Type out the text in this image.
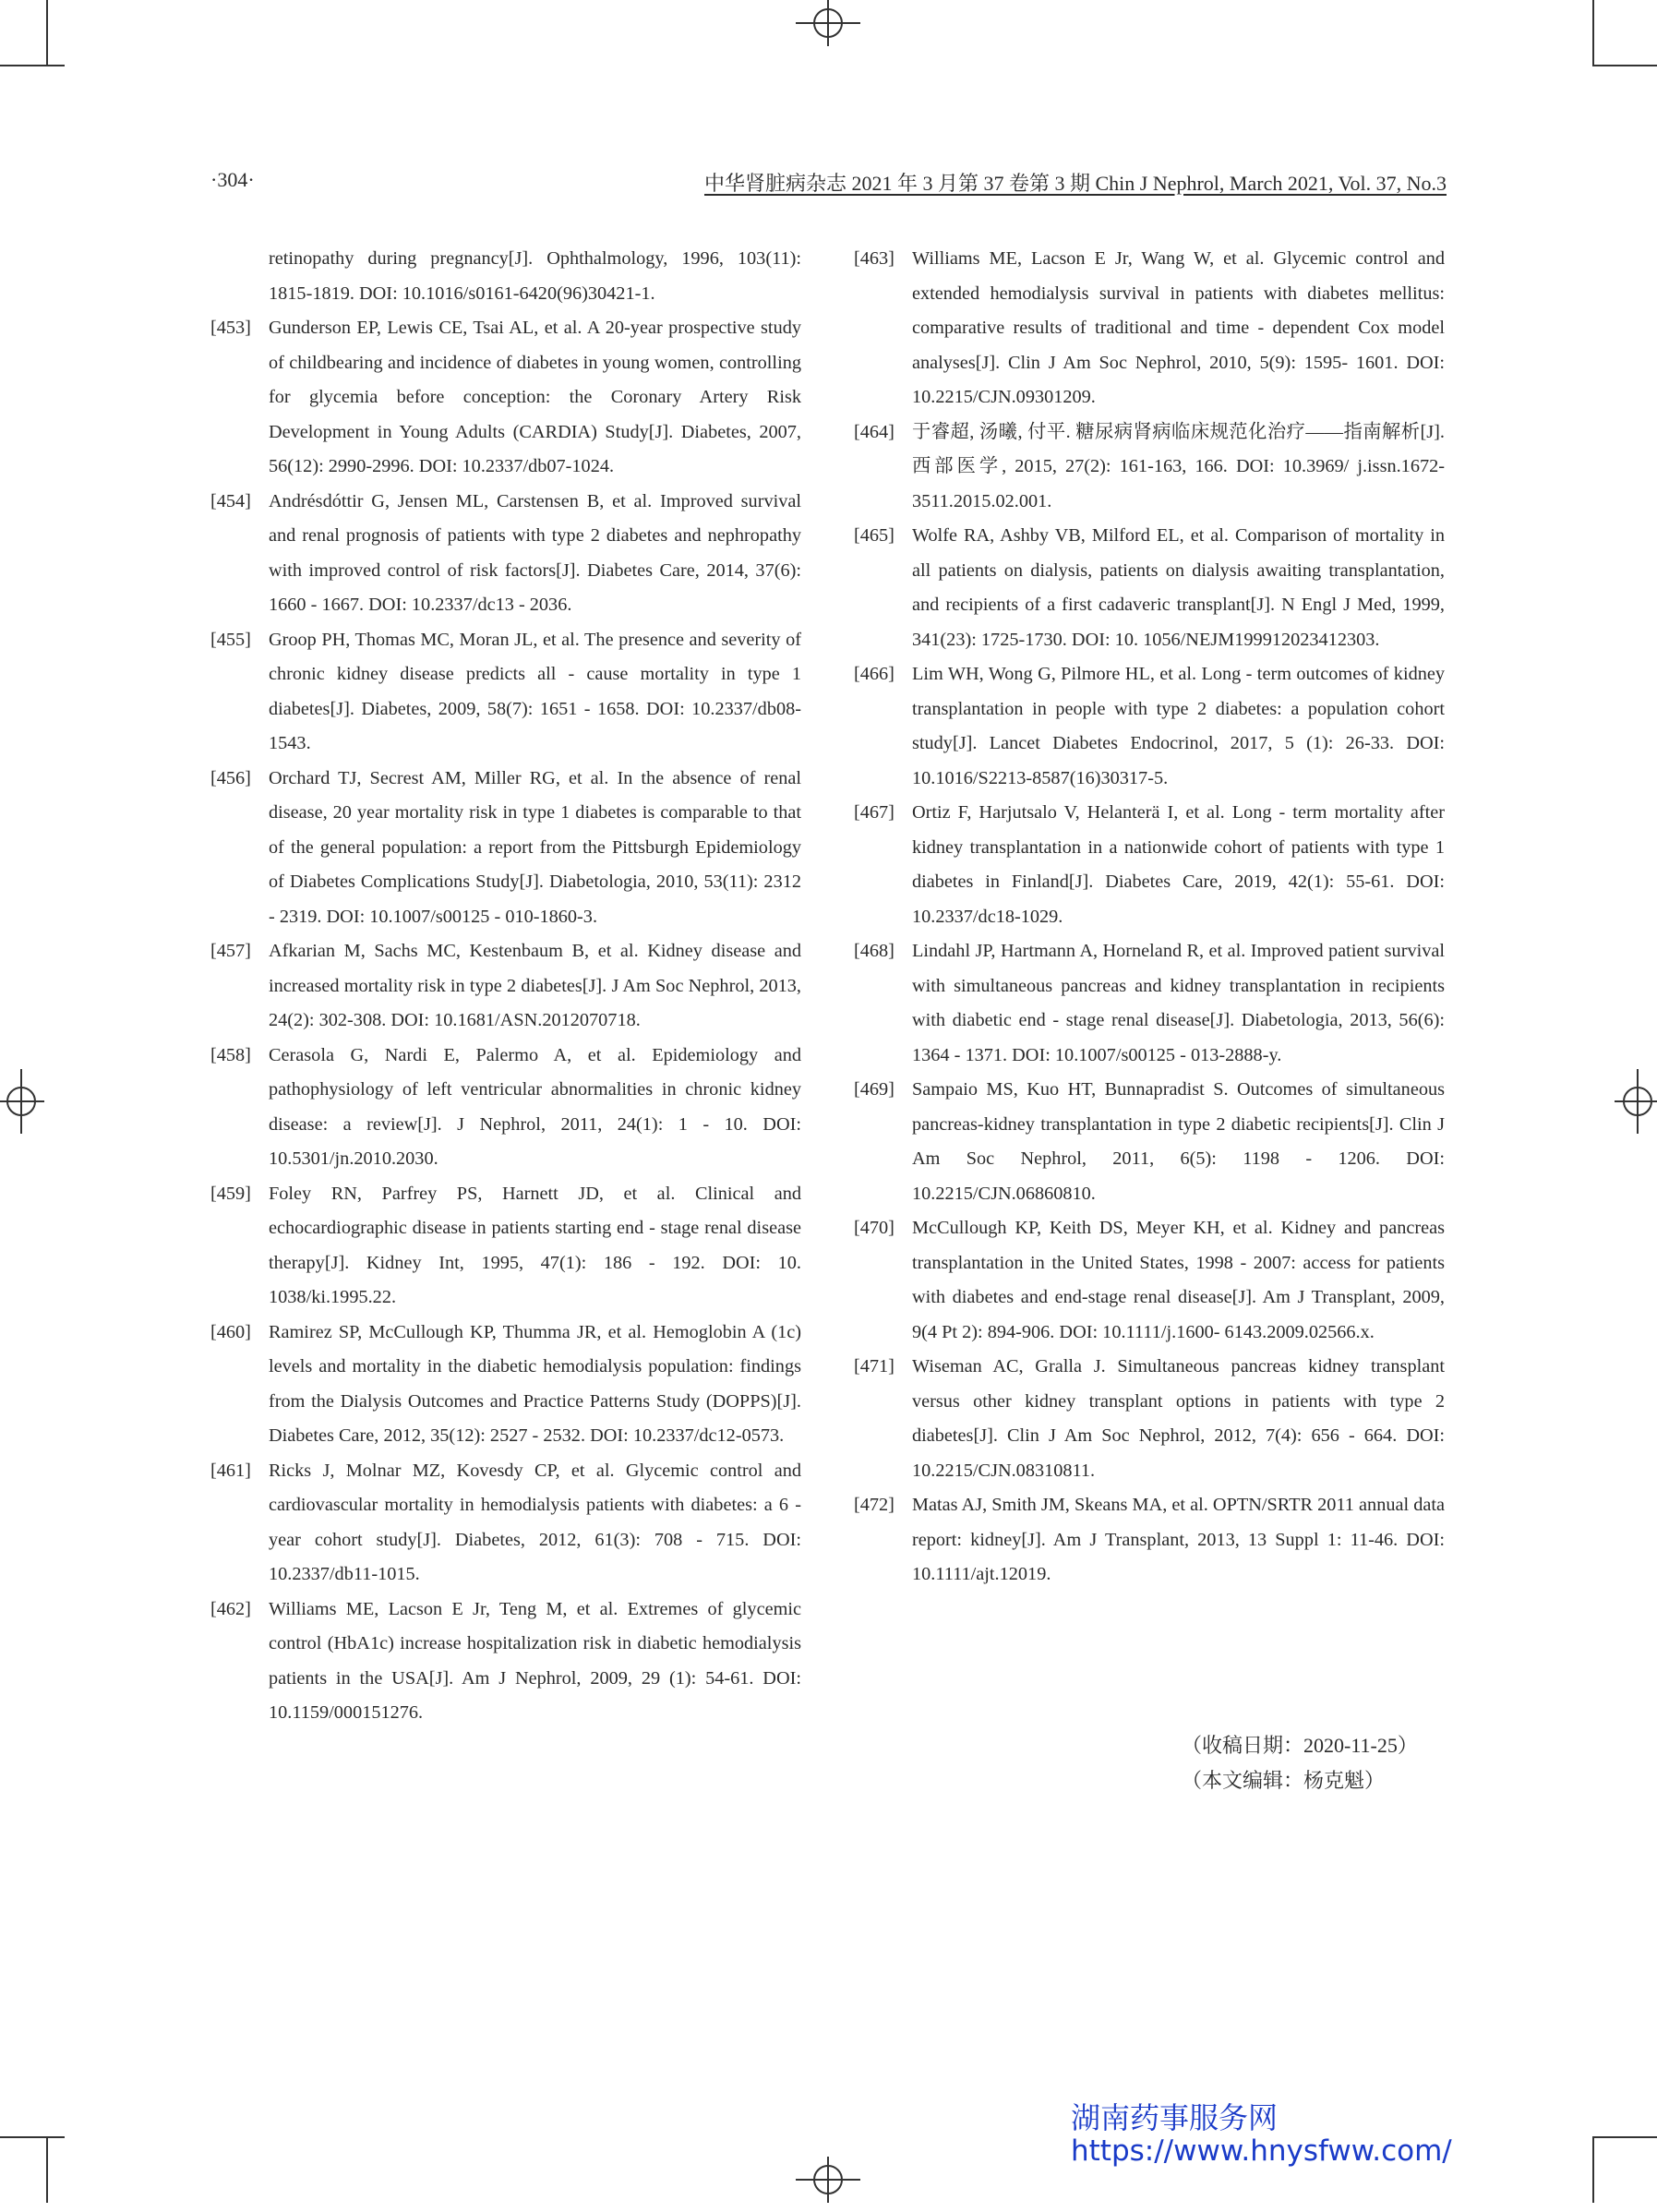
·304·	中华肾脏病杂志 2021 年 3 月第 37 卷第 3 期 Chin J Nephrol, March 2021, Vol. 37, No.3
retinopathy during pregnancy[J]. Ophthalmology, 1996, 103(11): 1815-1819. DOI: 10.1016/s0161-6420(96)30421-1.
[453] Gunderson EP, Lewis CE, Tsai AL, et al. A 20-year prospective study of childbearing and incidence of diabetes in young women, controlling for glycemia before conception: the Coronary Artery Risk Development in Young Adults (CARDIA) Study[J]. Diabetes, 2007, 56(12): 2990-2996. DOI: 10.2337/db07-1024.
[454] Andrésdóttir G, Jensen ML, Carstensen B, et al. Improved survival and renal prognosis of patients with type 2 diabetes and nephropathy with improved control of risk factors[J]. Diabetes Care, 2014, 37(6): 1660 - 1667. DOI: 10.2337/dc13 - 2036.
[455] Groop PH, Thomas MC, Moran JL, et al. The presence and severity of chronic kidney disease predicts all - cause mortality in type 1 diabetes[J]. Diabetes, 2009, 58(7): 1651 - 1658. DOI: 10.2337/db08-1543.
[456] Orchard TJ, Secrest AM, Miller RG, et al. In the absence of renal disease, 20 year mortality risk in type 1 diabetes is comparable to that of the general population: a report from the Pittsburgh Epidemiology of Diabetes Complications Study[J]. Diabetologia, 2010, 53(11): 2312 - 2319. DOI: 10.1007/s00125 - 010-1860-3.
[457] Afkarian M, Sachs MC, Kestenbaum B, et al. Kidney disease and increased mortality risk in type 2 diabetes[J]. J Am Soc Nephrol, 2013, 24(2): 302-308. DOI: 10.1681/ASN.2012070718.
[458] Cerasola G, Nardi E, Palermo A, et al. Epidemiology and pathophysiology of left ventricular abnormalities in chronic kidney disease: a review[J]. J Nephrol, 2011, 24(1): 1 - 10. DOI: 10.5301/jn.2010.2030.
[459] Foley RN, Parfrey PS, Harnett JD, et al. Clinical and echocardiographic disease in patients starting end - stage renal disease therapy[J]. Kidney Int, 1995, 47(1): 186 - 192. DOI: 10. 1038/ki.1995.22.
[460] Ramirez SP, McCullough KP, Thumma JR, et al. Hemoglobin A (1c) levels and mortality in the diabetic hemodialysis population: findings from the Dialysis Outcomes and Practice Patterns Study (DOPPS)[J]. Diabetes Care, 2012, 35(12): 2527 - 2532. DOI: 10.2337/dc12-0573.
[461] Ricks J, Molnar MZ, Kovesdy CP, et al. Glycemic control and cardiovascular mortality in hemodialysis patients with diabetes: a 6 - year cohort study[J]. Diabetes, 2012, 61(3): 708 - 715. DOI: 10.2337/db11-1015.
[462] Williams ME, Lacson E Jr, Teng M, et al. Extremes of glycemic control (HbA1c) increase hospitalization risk in diabetic hemodialysis patients in the USA[J]. Am J Nephrol, 2009, 29 (1): 54-61. DOI: 10.1159/000151276.
[463] Williams ME, Lacson E Jr, Wang W, et al. Glycemic control and extended hemodialysis survival in patients with diabetes mellitus: comparative results of traditional and time - dependent Cox model analyses[J]. Clin J Am Soc Nephrol, 2010, 5(9): 1595- 1601. DOI: 10.2215/CJN.09301209.
[464] 于睿超, 汤曦, 付平. 糖尿病肾病临床规范化治疗——指南解析[J]. 西部医学, 2015, 27(2): 161-163, 166. DOI: 10.3969/ j.issn.1672-3511.2015.02.001.
[465] Wolfe RA, Ashby VB, Milford EL, et al. Comparison of mortality in all patients on dialysis, patients on dialysis awaiting transplantation, and recipients of a first cadaveric transplant[J]. N Engl J Med, 1999, 341(23): 1725-1730. DOI: 10. 1056/NEJM199912023412303.
[466] Lim WH, Wong G, Pilmore HL, et al. Long - term outcomes of kidney transplantation in people with type 2 diabetes: a population cohort study[J]. Lancet Diabetes Endocrinol, 2017, 5 (1): 26-33. DOI: 10.1016/S2213-8587(16)30317-5.
[467] Ortiz F, Harjutsalo V, Helanterä I, et al. Long - term mortality after kidney transplantation in a nationwide cohort of patients with type 1 diabetes in Finland[J]. Diabetes Care, 2019, 42(1): 55-61. DOI: 10.2337/dc18-1029.
[468] Lindahl JP, Hartmann A, Horneland R, et al. Improved patient survival with simultaneous pancreas and kidney transplantation in recipients with diabetic end - stage renal disease[J]. Diabetologia, 2013, 56(6): 1364 - 1371. DOI: 10.1007/s00125 - 013-2888-y.
[469] Sampaio MS, Kuo HT, Bunnapradist S. Outcomes of simultaneous pancreas-kidney transplantation in type 2 diabetic recipients[J]. Clin J Am Soc Nephrol, 2011, 6(5): 1198 - 1206. DOI: 10.2215/CJN.06860810.
[470] McCullough KP, Keith DS, Meyer KH, et al. Kidney and pancreas transplantation in the United States, 1998 - 2007: access for patients with diabetes and end-stage renal disease[J]. Am J Transplant, 2009, 9(4 Pt 2): 894-906. DOI: 10.1111/j.1600- 6143.2009.02566.x.
[471] Wiseman AC, Gralla J. Simultaneous pancreas kidney transplant versus other kidney transplant options in patients with type 2 diabetes[J]. Clin J Am Soc Nephrol, 2012, 7(4): 656 - 664. DOI: 10.2215/CJN.08310811.
[472] Matas AJ, Smith JM, Skeans MA, et al. OPTN/SRTR 2011 annual data report: kidney[J]. Am J Transplant, 2013, 13 Suppl 1: 11-46. DOI: 10.1111/ajt.12019.
（收稿日期：2020-11-25）
（本文编辑：杨克魁）
湖南药事服务网
https://www.hnysfww.com/
